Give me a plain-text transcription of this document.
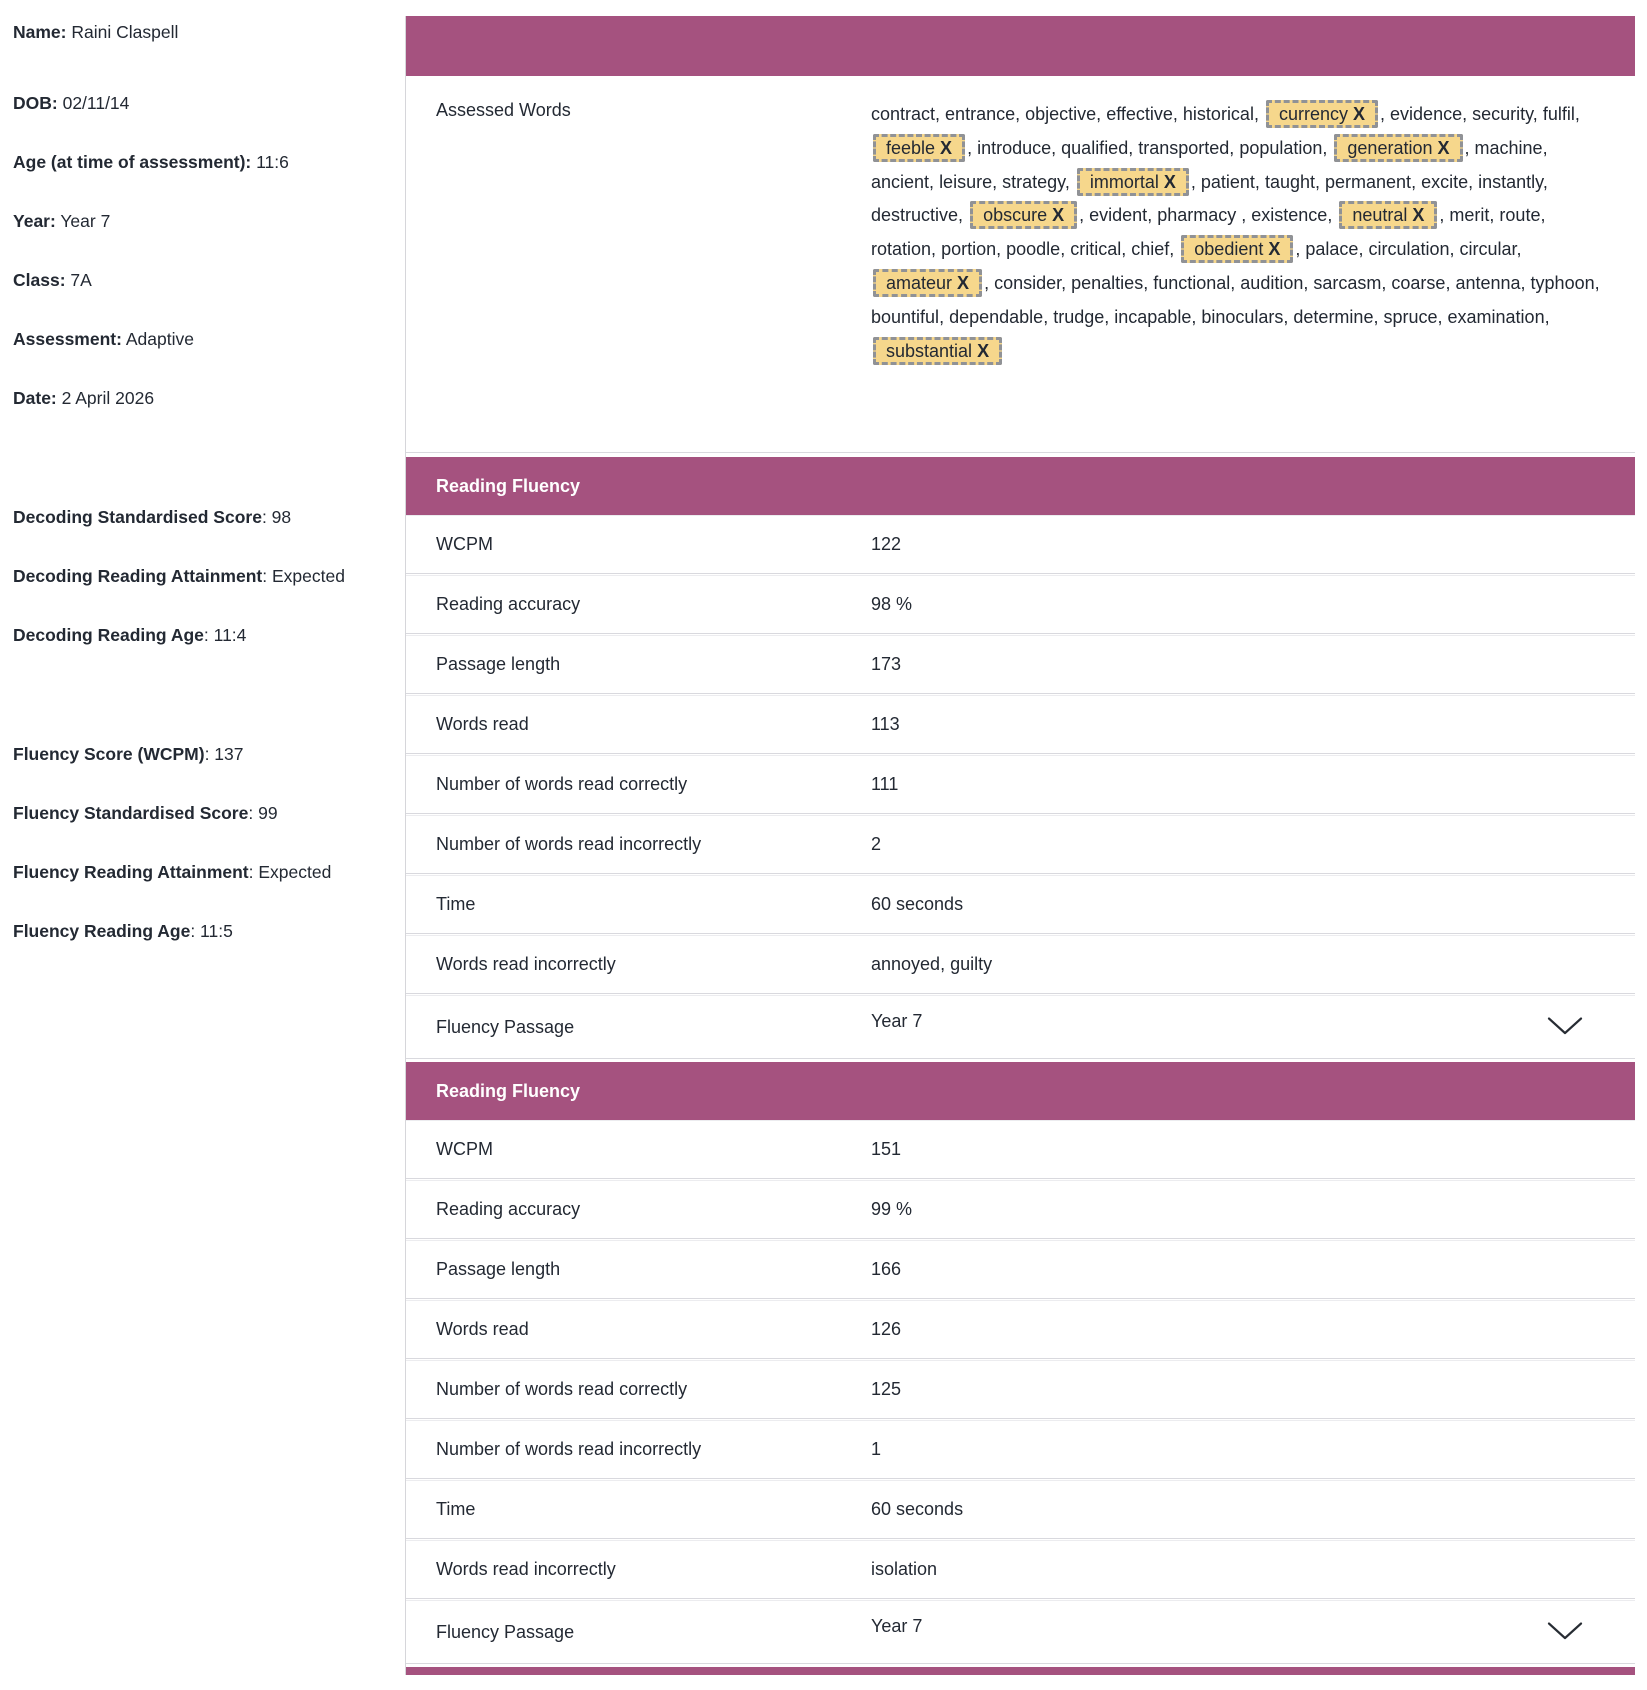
Name: Raini Claspell
DOB: 02/11/14
Age (at time of assessment): 11:6
Year: Year 7
Class: 7A
Assessment: Adaptive
Date: 2 April 2026
Decoding Standardised Score: 98
Decoding Reading Attainment: Expected
Decoding Reading Age: 11:4
Fluency Score (WCPM): 137
Fluency Standardised Score: 99
Fluency Reading Attainment: Expected
Fluency Reading Age: 11:5
Assessed Words	contract, entrance, objective, effective, historical, currency X , evidence, security, fulfil, feeble X , introduce, qualified, transported, population, generation X , machine, ancient, leisure, strategy, immortal X , patient, taught, permanent, excite, instantly, destructive, obscure X , evident, pharmacy , existence, neutral X , merit, route, rotation, portion, poodle, critical, chief, obedient X , palace, circulation, circular, amateur X , consider, penalties, functional, audition, sarcasm, coarse, antenna, typhoon, bountiful, dependable, trudge, incapable, binoculars, determine, spruce, examination, substantial X
Reading Fluency
WCPM	122
Reading accuracy	98 %
Passage length	173
Words read	113
Number of words read correctly	111
Number of words read incorrectly	2
Time	60 seconds
Words read incorrectly	annoyed, guilty
Fluency Passage	Year 7
Reading Fluency
WCPM	151
Reading accuracy	99 %
Passage length	166
Words read	126
Number of words read correctly	125
Number of words read incorrectly	1
Time	60 seconds
Words read incorrectly	isolation
Fluency Passage	Year 7
